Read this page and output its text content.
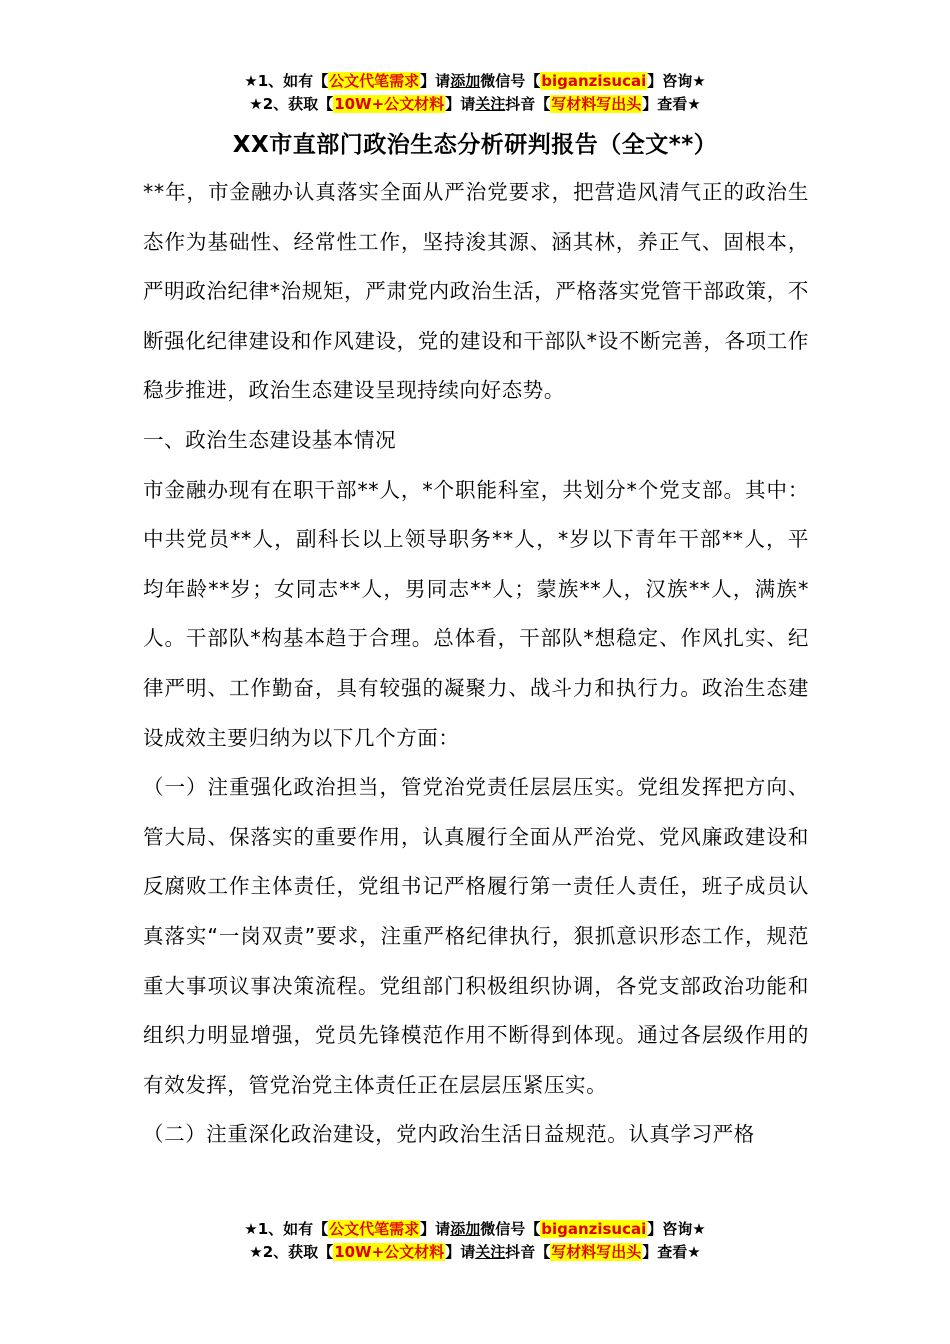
★1、如有【公文代笔需求】请添加微信号【biganzisucai】咨询★
★2、获取【10W+公文材料】请关注抖音【写材料写出头】查看★
XX市直部门政治生态分析研判报告（全文**）

**年，市金融办认真落实全面从严治党要求，把营造风清气正的政治生态作为基础性、经常性工作，坚持浚其源、涵其林，养正气、固根本，严明政治纪律*治规矩，严肃党内政治生活，严格落实党管干部政策，不断强化纪律建设和作风建设，党的建设和干部队*设不断完善，各项工作稳步推进，政治生态建设呈现持续向好态势。

一、政治生态建设基本情况

市金融办现有在职干部**人，*个职能科室，共划分*个党支部。其中：中共党员**人，副科长以上领导职务**人，*岁以下青年干部**人，平均年龄**岁；女同志**人，男同志**人；蒙族**人，汉族**人，满族*人。干部队*构基本趋于合理。总体看，干部队*想稳定、作风扎实、纪律严明、工作勤奋，具有较强的凝聚力、战斗力和执行力。政治生态建设成效主要归纳为以下几个方面：

（一）注重强化政治担当，管党治党责任层层压实。党组发挥把方向、管大局、保落实的重要作用，认真履行全面从严治党、党风廉政建设和反腐败工作主体责任，党组书记严格履行第一责任人责任，班子成员认真落实“一岗双责”要求，注重严格纪律执行，狠抓意识形态工作，规范重大事项议事决策流程。党组部门积极组织协调，各党支部政治功能和组织力明显增强，党员先锋模范作用不断得到体现。通过各层级作用的有效发挥，管党治党主体责任正在层层压紧压实。

（二）注重深化政治建设，党内政治生活日益规范。认真学习严格

★1、如有【公文代笔需求】请添加微信号【biganzisucai】咨询★
★2、获取【10W+公文材料】请关注抖音【写材料写出头】查看★
